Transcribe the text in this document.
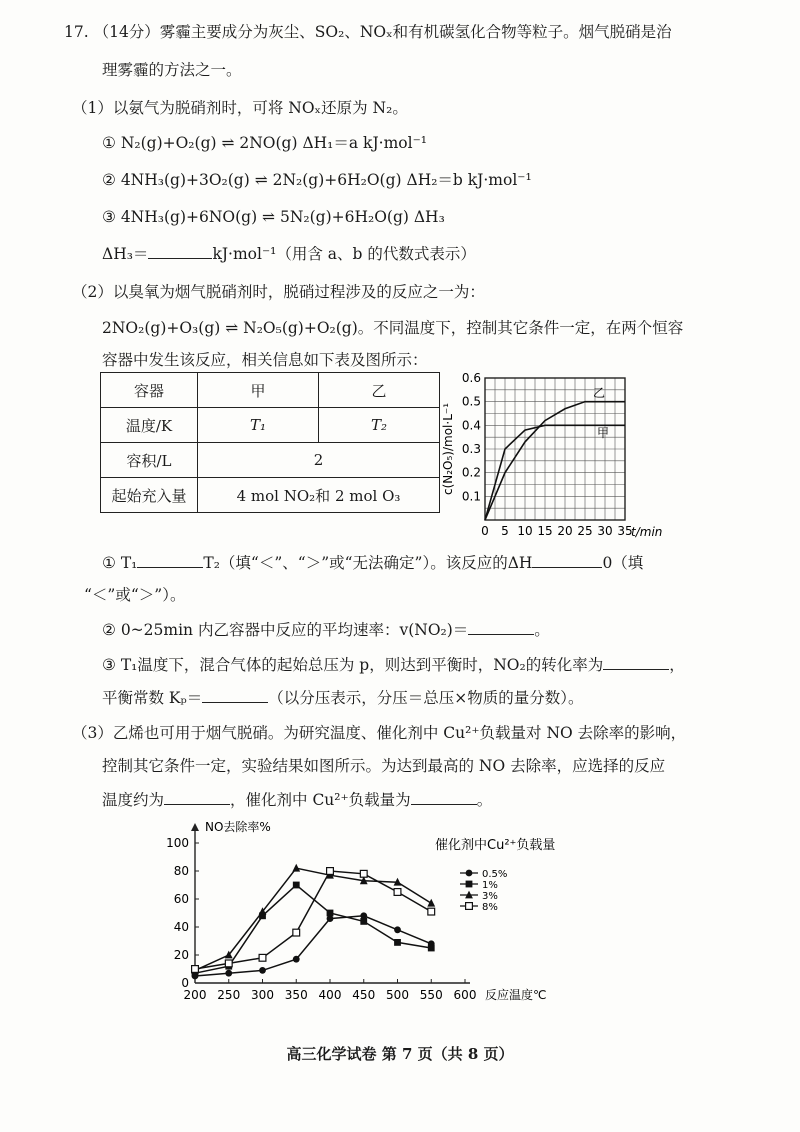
17. （14分）雾霾主要成分为灰尘、SO₂、NOₓ和有机碳氢化合物等粒子。烟气脱硝是治
理雾霾的方法之一。
（1）以氨气为脱硝剂时，可将 NOₓ还原为 N₂。
① N₂(g)+O₂(g) ⇌ 2NO(g) ΔH₁＝a kJ·mol⁻¹
② 4NH₃(g)+3O₂(g) ⇌ 2N₂(g)+6H₂O(g) ΔH₂＝b kJ·mol⁻¹
③ 4NH₃(g)+6NO(g) ⇌ 5N₂(g)+6H₂O(g) ΔH₃
ΔH₃＝	kJ·mol⁻¹（用含 a、b 的代数式表示）
（2）以臭氧为烟气脱硝剂时，脱硝过程涉及的反应之一为：
2NO₂(g)+O₃(g) ⇌ N₂O₅(g)+O₂(g)。不同温度下，控制其它条件一定，在两个恒容
容器中发生该反应，相关信息如下表及图所示：
容器	甲	乙
温度/K	T₁	T₂
容积/L	2	
起始充入量	4 mol NO₂和 2 mol O₃	
0 5 10 15 20 25 30 35
0.1
0.2
0.3
0.4
0.5
0.6
t/min
c(N₂O₅)/mol·L⁻¹
乙
甲
① T₁	T₂（填“＜”、“＞”或“无法确定”）。该反应的ΔH	0（填
“＜”或“＞”）。
② 0~25min 内乙容器中反应的平均速率：v(NO₂)＝	。
③ T₁温度下，混合气体的起始总压为 p，则达到平衡时，NO₂的转化率为	，
平衡常数 Kₚ＝	（以分压表示，分压＝总压×物质的量分数）。
（3）乙烯也可用于烟气脱硝。为研究温度、催化剂中 Cu²⁺负载量对 NO 去除率的影响，
控制其它条件一定，实验结果如图所示。为达到最高的 NO 去除率，应选择的反应
温度约为	，催化剂中 Cu²⁺负载量为	。
0
20
40
60
80
100
200 250 300 350 400 450 500 550 600 反应温度℃
NO去除率%
0.5%
1%
3%
8%
催化剂中Cu²⁺负载量
高三化学试卷 第 7 页（共 8 页）
